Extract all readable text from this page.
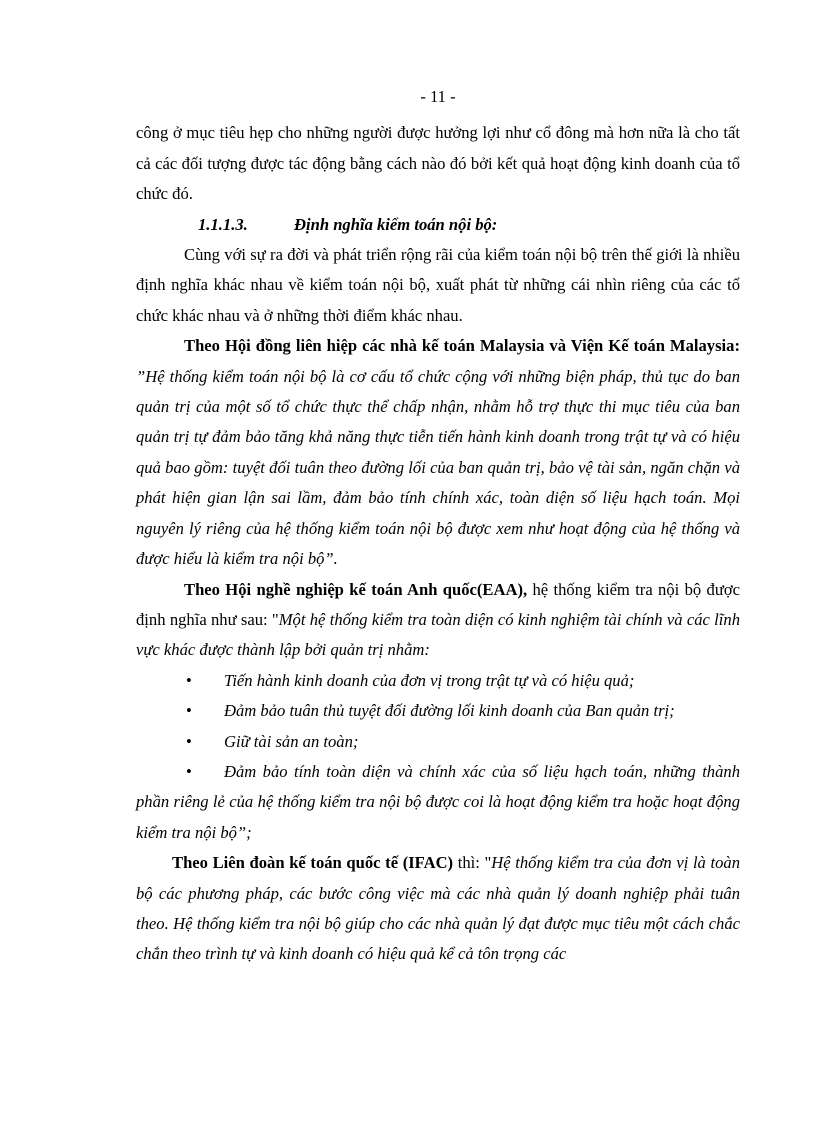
- 11 -

công ở mục tiêu hẹp cho những người được hưởng lợi như cổ đông mà hơn nữa là cho tất cả các đối tượng được tác động bằng cách nào đó bởi kết quả hoạt động kinh doanh của tổ chức đó.

1.1.1.3.	Định nghĩa kiểm toán nội bộ:

Cùng với sự ra đời và phát triển rộng rãi của kiểm toán nội bộ trên thế giới là nhiều định nghĩa khác nhau về kiểm toán nội bộ, xuất phát từ những cái nhìn riêng của các tổ chức khác nhau và ở những thời điểm khác nhau.

Theo Hội đồng liên hiệp các nhà kế toán Malaysia và Viện Kế toán Malaysia: ”Hệ thống kiểm toán nội bộ là cơ cấu tổ chức cộng với những biện pháp, thủ tục do ban quản trị của một số tổ chức thực thể chấp nhận, nhằm hỗ trợ thực thi mục tiêu của ban quản trị tự đảm bảo tăng khả năng thực tiễn tiến hành kinh doanh trong trật tự và có hiệu quả bao gồm: tuyệt đối tuân theo đường lối của ban quản trị, bảo vệ tài sản, ngăn chặn và phát hiện gian lận sai lầm, đảm bảo tính chính xác, toàn diện số liệu hạch toán. Mọi nguyên lý riêng của hệ thống kiểm toán nội bộ được xem như hoạt động của hệ thống và được hiểu là kiểm tra nội bộ”.

Theo Hội nghề nghiệp kế toán Anh quốc(EAA), hệ thống kiểm tra nội bộ được định nghĩa như sau: "Một hệ thống kiểm tra toàn diện có kinh nghiệm tài chính và các lĩnh vực khác được thành lập bởi quản trị nhằm:

• Tiến hành kinh doanh của đơn vị trong trật tự và có hiệu quả;
• Đảm bảo tuân thủ tuyệt đối đường lối kinh doanh của Ban quản trị;
• Giữ tài sản an toàn;
• Đảm bảo tính toàn diện và chính xác của số liệu hạch toán, những thành phần riêng lẻ của hệ thống kiểm tra nội bộ được coi là hoạt động kiểm tra hoặc hoạt động kiểm tra nội bộ”;

Theo Liên đoàn kế toán quốc tế (IFAC) thì: "Hệ thống kiểm tra của đơn vị là toàn bộ các phương pháp, các bước công việc mà các nhà quản lý doanh nghiệp phải tuân theo. Hệ thống kiểm tra nội bộ giúp cho các nhà quản lý đạt được mục tiêu một cách chắc chắn theo trình tự và kinh doanh có hiệu quả kể cả tôn trọng các
